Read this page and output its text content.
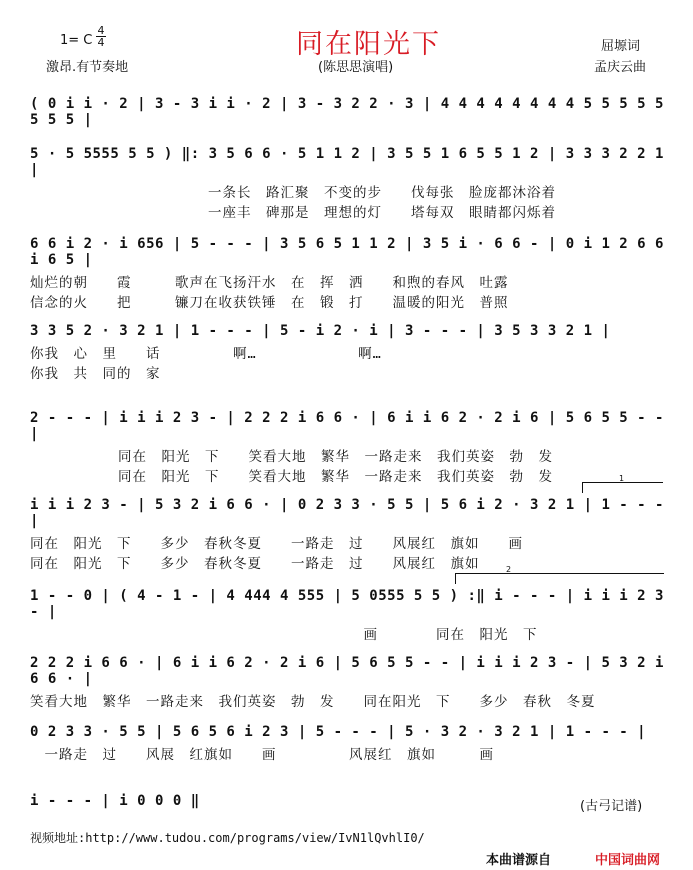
同在阳光下
1= C
4
4
激昂.有节奏地	(陈思思演唱)
屈塬词
孟庆云曲
( 0 i i · 2 | 3 - 3 i i · 2 | 3 - 3 2 2 · 3 | 4 4 4 4 4 4 4 4 5 5 5 5 5 5 5 5 |
5 · 5 5555 5 5 ) ‖: 3 5 6 6 · 5 1 1 2 | 3 5 5 1 6 5 5 1 2 | 3 3 3 2 2 1 |
一条长　路汇聚　不变的步　　伐每张　脸庞都沐浴着
一座丰　碑那是　理想的灯　　塔每双　眼睛都闪烁着
6 6 i 2 · i 656 | 5 - - - | 3 5 6 5 1 1 2 | 3 5 i · 6 6 - | 0 i 1 2 6 6 i 6 5 |
灿烂的朝　　霞　　　歌声在飞扬汗水　在　挥　洒　　和煦的春风　吐露
信念的火　　把　　　镰刀在收获铁锤　在　锻　打　　温暖的阳光　普照
3 3 5 2 · 3 2 1 | 1 - - - | 5 - i 2 · i | 3 - - - | 3 5 3 3 2 1 |
你我　心　里　　话　　　　　啊…　　　　　　　啊…
你我　共　同的　家
2 - - - | i i i 2 3 - | 2 2 2 i 6 6 · | 6 i i 6 2 · 2 i 6 | 5 6 5 5 - - |
同在　阳光　下　　笑看大地　繁华　一路走来　我们英姿　勃　发
同在　阳光　下　　笑看大地　繁华　一路走来　我们英姿　勃　发	1
i i i 2 3 - | 5 3 2 i 6 6 · | 0 2 3 3 · 5 5 | 5 6 i 2 · 3 2 1 | 1 - - - |
同在　阳光　下　　多少　春秋冬夏　　一路走　过　　风展红　旗如　　画
同在　阳光　下　　多少　春秋冬夏　　一路走　过　　风展红　旗如	2
1 - - 0 | ( 4 - 1 - | 4 444 4 555 | 5 0555 5 5 ) :‖ i - - - | i i i 2 3 - |
　　　　　　　　　　　　　　　　　　　　　　　画　　　　同在　阳光　下
2 2 2 i 6 6 · | 6 i i 6 2 · 2 i 6 | 5 6 5 5 - - | i i i 2 3 - | 5 3 2 i 6 6 · |
笑看大地　繁华　一路走来　我们英姿　勃　发　　同在阳光　下　　多少　春秋　冬夏
0 2 3 3 · 5 5 | 5 6 5 6 i 2 3 | 5 - - - | 5 · 3 2 · 3 2 1 | 1 - - - |
　一路走　过　　风展　红旗如　　画　　　　　风展红　旗如　　　画
i - - - | i 0 0 0 ‖	(古弓记谱)
视频地址:http://www.tudou.com/programs/view/IvN1lQvhlI0/
本曲谱源自	中国词曲网
